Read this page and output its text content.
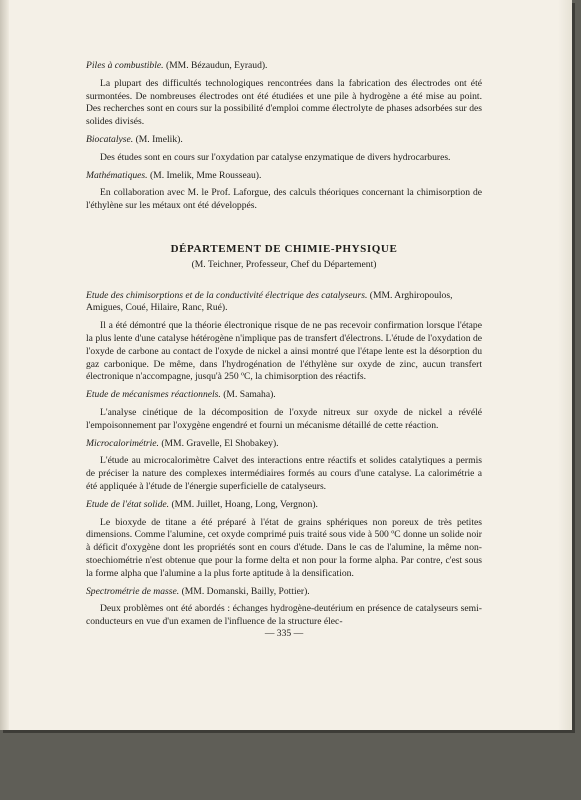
Piles à combustible. (MM. Bézaudun, Eyraud).

La plupart des difficultés technologiques rencontrées dans la fabrication des électrodes ont été surmontées. De nombreuses électrodes ont été étudiées et une pile à hydrogène a été mise au point. Des recherches sont en cours sur la possibilité d'emploi comme électrolyte de phases adsorbées sur des solides divisés.

Biocatalyse. (M. Imelik).

Des études sont en cours sur l'oxydation par catalyse enzymatique de divers hydrocarbures.

Mathématiques. (M. Imelik, Mme Rousseau).

En collaboration avec M. le Prof. Laforgue, des calculs théoriques concernant la chimisorption de l'éthylène sur les métaux ont été développés.

DÉPARTEMENT DE CHIMIE-PHYSIQUE

(M. Teichner, Professeur, Chef du Département)

Etude des chimisorptions et de la conductivité électrique des catalyseurs. (MM. Arghiropoulos, Amigues, Coué, Hilaire, Ranc, Rué).

Il a été démontré que la théorie électronique risque de ne pas recevoir confirmation lorsque l'étape la plus lente d'une catalyse hétérogène n'implique pas de transfert d'électrons. L'étude de l'oxydation de l'oxyde de carbone au contact de l'oxyde de nickel a ainsi montré que l'étape lente est la désorption du gaz carbonique. De même, dans l'hydrogénation de l'éthylène sur oxyde de zinc, aucun transfert électronique n'accompagne, jusqu'à 250 ºC, la chimisorption des réactifs.

Etude de mécanismes réactionnels. (M. Samaha).

L'analyse cinétique de la décomposition de l'oxyde nitreux sur oxyde de nickel a révélé l'empoisonnement par l'oxygène engendré et fourni un mécanisme détaillé de cette réaction.

Microcalorimétrie. (MM. Gravelle, El Shobakey).

L'étude au microcalorimètre Calvet des interactions entre réactifs et solides catalytiques a permis de préciser la nature des complexes intermédiaires formés au cours d'une catalyse. La calorimétrie a été appliquée à l'étude de l'énergie superficielle de catalyseurs.

Etude de l'état solide. (MM. Juillet, Hoang, Long, Vergnon).

Le bioxyde de titane a été préparé à l'état de grains sphériques non poreux de très petites dimensions. Comme l'alumine, cet oxyde comprimé puis traité sous vide à 500 ºC donne un solide noir à déficit d'oxygène dont les propriétés sont en cours d'étude. Dans le cas de l'alumine, la même non-stoechiométrie n'est obtenue que pour la forme delta et non pour la forme alpha. Par contre, c'est sous la forme alpha que l'alumine a la plus forte aptitude à la densification.

Spectrométrie de masse. (MM. Domanski, Bailly, Pottier).

Deux problèmes ont été abordés : échanges hydrogène-deutérium en présence de catalyseurs semi-conducteurs en vue d'un examen de l'influence de la structure élec-

— 335 —
